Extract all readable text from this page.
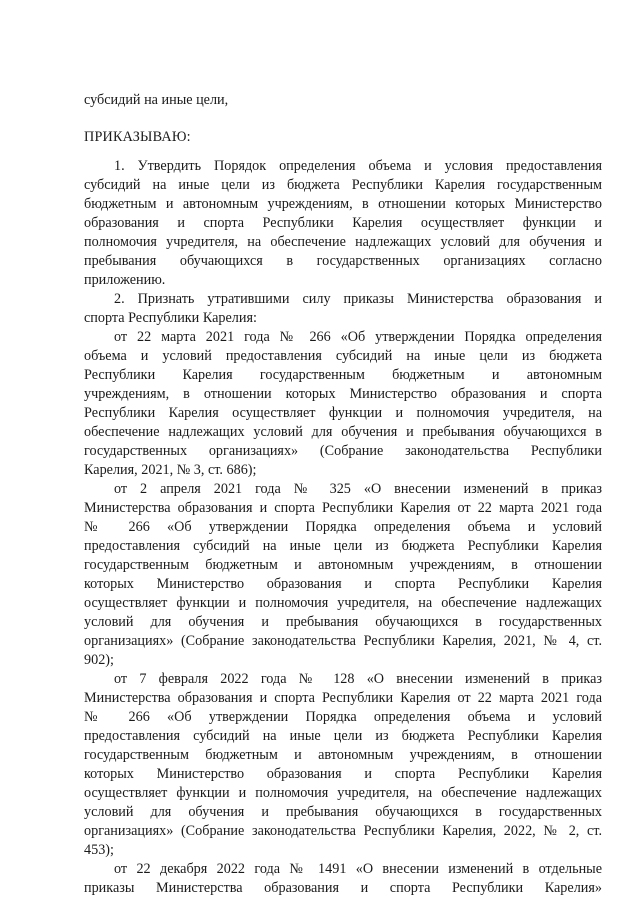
субсидий на иные цели,
ПРИКАЗЫВАЮ:
1. Утвердить Порядок определения объема и условия предоставления
субсидий на иные цели из бюджета Республики Карелия государственным
бюджетным и автономным учреждениям, в отношении которых Министерство
образования и спорта Республики Карелия осуществляет функции и
полномочия учредителя, на обеспечение надлежащих условий для обучения и
пребывания обучающихся в государственных организациях согласно
приложению.
2. Признать утратившими силу приказы Министерства образования и
спорта Республики Карелия:
от 22 марта 2021 года № 266 «Об утверждении Порядка определения
объема и условий предоставления субсидий на иные цели из бюджета
Республики Карелия государственным бюджетным и автономным
учреждениям, в отношении которых Министерство образования и спорта
Республики Карелия осуществляет функции и полномочия учредителя, на
обеспечение надлежащих условий для обучения и пребывания обучающихся в
государственных организациях» (Собрание законодательства Республики
Карелия, 2021, № 3, ст. 686);
от 2 апреля 2021 года № 325 «О внесении изменений в приказ
Министерства образования и спорта Республики Карелия от 22 марта 2021 года
№ 266 «Об утверждении Порядка определения объема и условий
предоставления субсидий на иные цели из бюджета Республики Карелия
государственным бюджетным и автономным учреждениям, в отношении
которых Министерство образования и спорта Республики Карелия
осуществляет функции и полномочия учредителя, на обеспечение надлежащих
условий для обучения и пребывания обучающихся в государственных
организациях» (Собрание законодательства Республики Карелия, 2021, № 4, ст.
902);
от 7 февраля 2022 года № 128 «О внесении изменений в приказ
Министерства образования и спорта Республики Карелия от 22 марта 2021 года
№ 266 «Об утверждении Порядка определения объема и условий
предоставления субсидий на иные цели из бюджета Республики Карелия
государственным бюджетным и автономным учреждениям, в отношении
которых Министерство образования и спорта Республики Карелия
осуществляет функции и полномочия учредителя, на обеспечение надлежащих
условий для обучения и пребывания обучающихся в государственных
организациях» (Собрание законодательства Республики Карелия, 2022, № 2, ст.
453);
от 22 декабря 2022 года № 1491 «О внесении изменений в отдельные
приказы Министерства образования и спорта Республики Карелия»
